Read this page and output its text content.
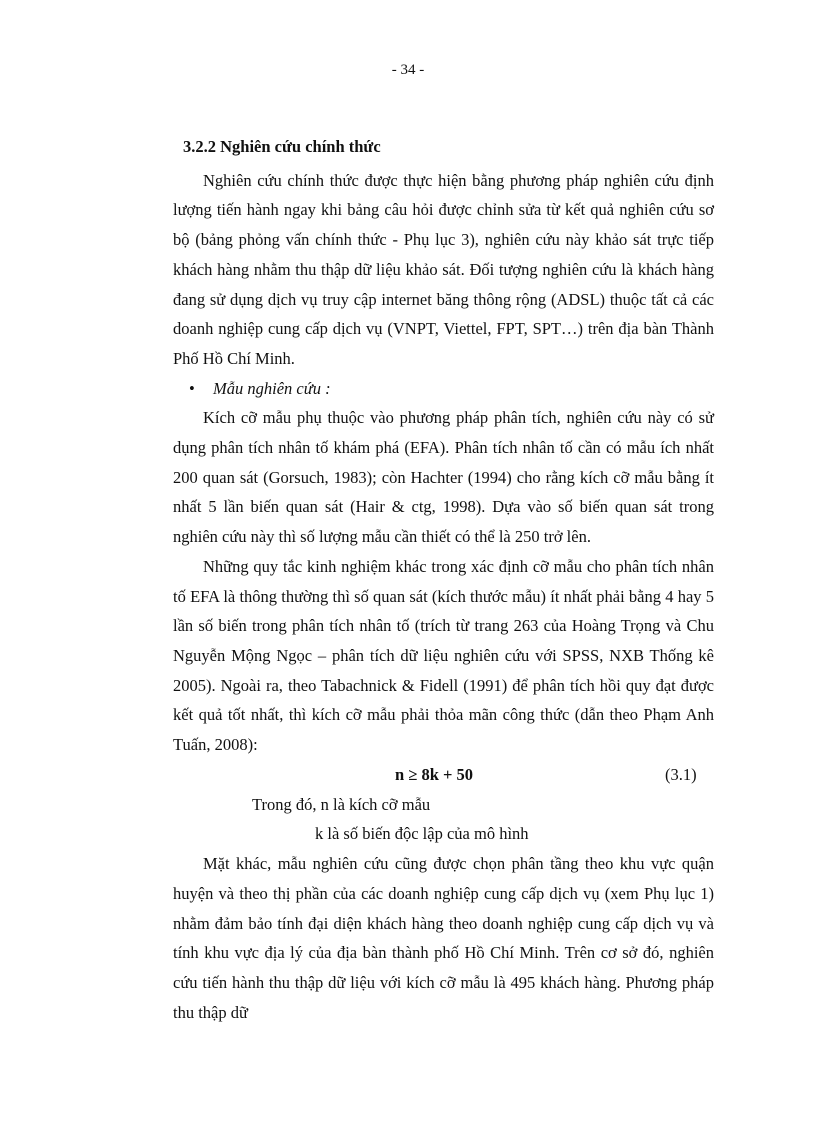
- 34 -

3.2.2 Nghiên cứu chính thức

Nghiên cứu chính thức được thực hiện bằng phương pháp nghiên cứu định lượng tiến hành ngay khi bảng câu hỏi được chỉnh sửa từ kết quả nghiên cứu sơ bộ (bảng phỏng vấn chính thức - Phụ lục 3), nghiên cứu này khảo sát trực tiếp khách hàng nhằm thu thập dữ liệu khảo sát. Đối tượng nghiên cứu là khách hàng đang sử dụng dịch vụ truy cập internet băng thông rộng (ADSL) thuộc tất cả các doanh nghiệp cung cấp dịch vụ (VNPT, Viettel, FPT, SPT…) trên địa bàn Thành Phố Hồ Chí Minh.

• Mẫu nghiên cứu :

Kích cỡ mẫu phụ thuộc vào phương pháp phân tích, nghiên cứu này có sử dụng phân tích nhân tố khám phá (EFA). Phân tích nhân tố cần có mẫu ích nhất 200 quan sát (Gorsuch, 1983); còn Hachter (1994) cho rằng kích cỡ mẫu bằng ít nhất 5 lần biến quan sát (Hair & ctg, 1998). Dựa vào số biến quan sát trong nghiên cứu này thì số lượng mẫu cần thiết có thể là 250 trở lên.

Những quy tắc kinh nghiệm khác trong xác định cỡ mẫu cho phân tích nhân tố EFA là thông thường thì số quan sát (kích thước mẫu) ít nhất phải bằng 4 hay 5 lần số biến trong phân tích nhân tố (trích từ trang 263 của Hoàng Trọng và Chu Nguyễn Mộng Ngọc – phân tích dữ liệu nghiên cứu với SPSS, NXB Thống kê 2005). Ngoài ra, theo Tabachnick & Fidell (1991) để phân tích hồi quy đạt được kết quả tốt nhất, thì kích cỡ mẫu phải thỏa mãn công thức (dẫn theo Phạm Anh Tuấn, 2008):

n ≥ 8k + 50	(3.1)

Trong đó, n là kích cỡ mẫu

k là số biến độc lập của mô hình

Mặt khác, mẫu nghiên cứu cũng được chọn phân tầng theo khu vực quận huyện và theo thị phần của các doanh nghiệp cung cấp dịch vụ (xem Phụ lục 1) nhằm đảm bảo tính đại diện khách hàng theo doanh nghiệp cung cấp dịch vụ và tính khu vực địa lý của địa bàn thành phố Hồ Chí Minh. Trên cơ sở đó, nghiên cứu tiến hành thu thập dữ liệu với kích cỡ mẫu là 495 khách hàng. Phương pháp thu thập dữ
